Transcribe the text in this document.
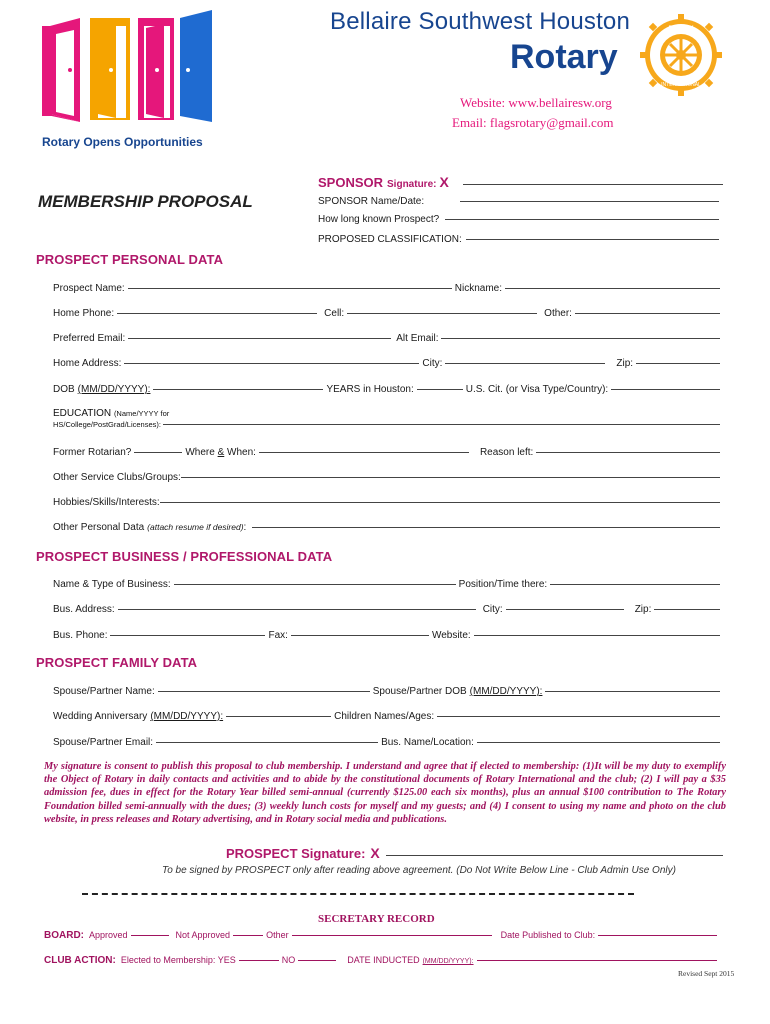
Rotary Opens Opportunities
Bellaire Southwest Houston
Rotary
ROTARY
INTERNATIONAL
Website: www.bellairesw.org
Email: flagsrotary@gmail.com
MEMBERSHIP PROPOSAL
SPONSOR Signature: X
SPONSOR Name/Date:
How long known Prospect?
PROPOSED CLASSIFICATION:
PROSPECT PERSONAL DATA
Prospect Name:	Nickname:
Home Phone:	Cell:	Other:
Preferred Email:	Alt Email:
Home Address:	City:	Zip:
DOB (MM/DD/YYYY):	YEARS in Houston:	U.S. Cit. (or Visa Type/Country):
EDUCATION (Name/YYYY for
HS/College/PostGrad/Licenses):
Former Rotarian?	Where & When:	Reason left:
Other Service Clubs/Groups:
Hobbies/Skills/Interests:
Other Personal Data (attach resume if desired) :
PROSPECT BUSINESS / PROFESSIONAL DATA
Name & Type of Business:	Position/Time there:
Bus. Address:	City:	Zip:
Bus. Phone:	Fax:	Website:
PROSPECT FAMILY DATA
Spouse/Partner Name:	Spouse/Partner DOB (MM/DD/YYYY):
Wedding Anniversary (MM/DD/YYYY):	Children Names/Ages:
Spouse/Partner Email:	Bus. Name/Location:
My signature is consent to publish this proposal to club membership. I understand and agree that if elected to membership: (1)It will be my duty to exemplify the Object of Rotary in daily contacts and activities and to abide by the constitutional documents of Rotary International and the club; (2) I will pay a $35 admission fee, dues in effect for the Rotary Year billed semi-annual (currently $125.00 each six months), plus an annual $100 contribution to The Rotary Foundation billed semi-annually with the dues; (3) weekly lunch costs for myself and my guests; and (4) I consent to using my name and photo on the club website, in press releases and Rotary advertising, and in Rotary social media and publications.
PROSPECT Signature: X
To be signed by PROSPECT only after reading above agreement. (Do Not Write Below Line - Club Admin Use Only)
SECRETARY RECORD
BOARD: Approved	Not Approved	Other	Date Published to Club:
CLUB ACTION: Elected to Membership: YES	NO	DATE INDUCTED (MM/DD/YYYY):
Revised Sept 2015
